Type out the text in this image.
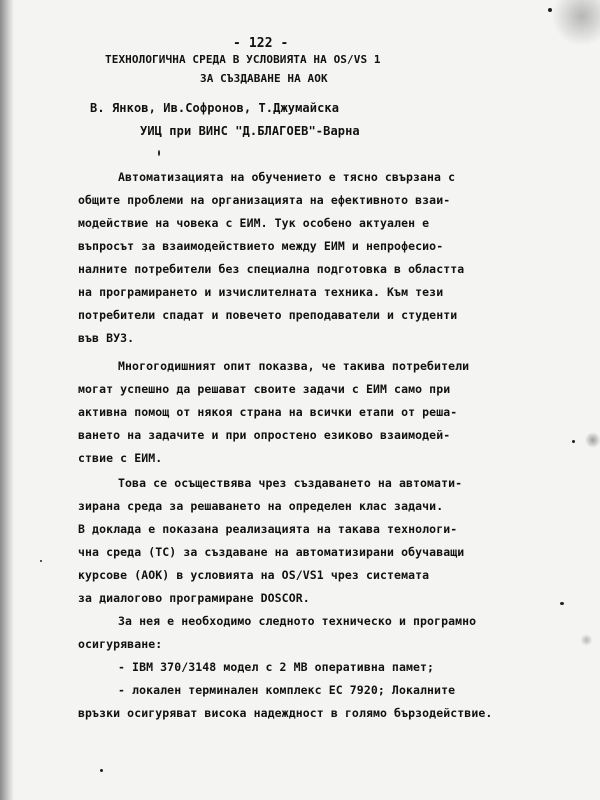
- 122 -
ТЕХНОЛОГИЧНА СРЕДА В УСЛОВИЯТА НА OS/VS 1
ЗА СЪЗДАВАНЕ НА АОК
В. Янков, Ив.Софронов, Т.Джумайска
УИЦ при ВИНС "Д.БЛАГОЕВ"-Варна
Автоматизацията на обучението е тясно свързана с
общите проблеми на организацията на ефективното взаи-
модействие на човека с ЕИМ. Тук особено актуален е
въпросът за взаимодействието между ЕИМ и непрофесио-
налните потребители без специална подготовка в областта
на програмирането и изчислителната техника. Към тези
потребители спадат и повечето преподаватели и студенти
във ВУЗ.
Многогодишният опит показва, че такива потребители
могат успешно да решават своите задачи с ЕИМ само при
активна помощ от някоя страна на всички етапи от реша-
ването на задачите и при опростено езиково взаимодей-
ствие с ЕИМ.
Това се осъществява чрез създаването на автомати-
зирана среда за решаването на определен клас задачи.
В доклада е показана реализацията на такава технологи-
чна среда (ТС) за създаване на автоматизирани обучаващи
курсове (АОК) в условията на OS/VS1 чрез системата
за диалогово програмиране DOSCOR.
За нея е необходимо следното техническо и програмно
осигуряване:
- IBM 370/3148 модел с 2 MB оперативна памет;
- локален терминален комплекс ЕС 7920; Локалните
връзки осигуряват висока надеждност в голямо бързодействие.
